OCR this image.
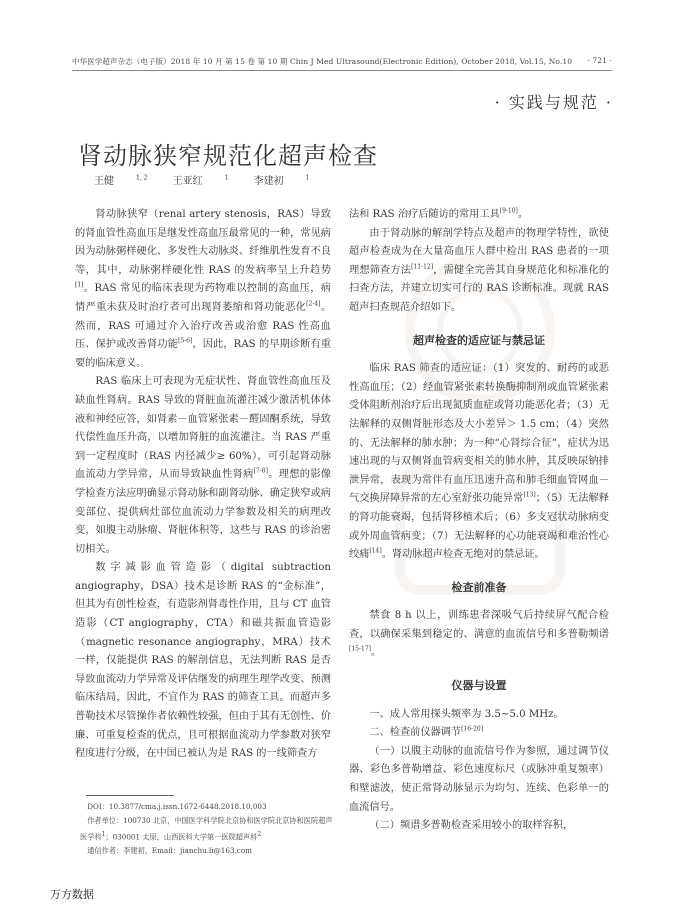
中华医学超声杂志（电子版）2018 年 10 月 第 15 卷 第 10 期 Chin J Med Ultrasound(Electronic Edition), October 2018, Vol.15, No.10 · 721 ·
· 实践与规范 ·
肾动脉狭窄规范化超声检查
王健	$^{1, 2}$	王亚红	$^1$	李建初	$^1$

肾动脉狭窄（renal artery stenosis，RAS）导致的肾血管性高血压是继发性高血压最常见的一种，常见病因为动脉粥样硬化、多发性大动脉炎、纤维肌性发育不良等，其中，动脉粥样硬化性 RAS 的发病率呈上升趋势[1]。RAS 常见的临床表现为药物难以控制的高血压，病情严重未获及时治疗者可出现肾萎缩和肾功能恶化[2-4]。然而，RAS 可通过介入治疗改善或治愈 RAS 性高血压、保护或改善肾功能[5-6]，因此，RAS 的早期诊断有重要的临床意义。

RAS 临床上可表现为无症状性、肾血管性高血压及缺血性肾病。RAS 导致的肾脏血流灌注减少激活机体体液和神经应答，如肾素－血管紧张素－醛固酮系统，导致代偿性血压升高，以增加肾脏的血流灌注。当 RAS 严重到一定程度时（RAS 内径减少≥ 60%），可引起肾动脉血流动力学异常，从而导致缺血性肾病[7-8]。理想的影像学检查方法应明确显示肾动脉和副肾动脉、确定狭窄或病变部位、提供病灶部位血流动力学参数及相关的病理改变，如腹主动脉瘤、肾脏体积等，这些与 RAS 的诊治密切相关。

数字减影血管造影（digital subtraction angiography，DSA）技术是诊断 RAS 的“金标准”，但其为有创性检查，有造影剂肾毒性作用，且与 CT 血管造影（CT angiography，CTA）和磁共振血管造影（magnetic resonance angiography，MRA）技术一样，仅能提供 RAS 的解剖信息，无法判断 RAS 是否导致血流动力学异常及评估继发的病理生理学改变、预测临床结局，因此，不宜作为 RAS 的筛查工具。而超声多普勒技术尽管操作者依赖性较强，但由于其有无创性、价廉、可重复检查的优点，且可根据血流动力学参数对狭窄程度进行分级，在中国已被认为是 RAS 的一线筛查方

法和 RAS 治疗后随访的常用工具[9-10]。

由于肾动脉的解剖学特点及超声的物理学特性，欲使超声检查成为在大量高血压人群中检出 RAS 患者的一项理想筛查方法[11-12]，需健全完善其自身规范化和标准化的扫查方法，并建立切实可行的 RAS 诊断标准。现就 RAS 超声扫查规范介绍如下。

超声检查的适应证与禁忌证

临床 RAS 筛查的适应证：（1）突发的、耐药的或恶性高血压；（2）经血管紧张素转换酶抑制剂或血管紧张素受体阻断剂治疗后出现氮质血症或肾功能恶化者；（3）无法解释的双侧肾脏形态及大小差异＞ 1.5 cm；（4）突然的、无法解释的肺水肿；为一种“心肾综合征”，症状为迅速出现的与双侧肾血管病变相关的肺水肿，其反映尿钠排泄异常，表现为常伴有血压迅速升高和肺毛细血管网血－气交换屏障异常的左心室舒张功能异常[13]；（5）无法解释的肾功能衰竭，包括肾移植术后；（6）多支冠状动脉病变或外周血管病变；（7）无法解释的心功能衰竭和难治性心绞痛[14]。肾动脉超声检查无绝对的禁忌证。

检查前准备

禁食 8 h 以上，训练患者深吸气后持续屏气配合检查，以确保采集到稳定的、满意的血流信号和多普勒频谱[15-17]。

仪器与设置

一、成人常用探头频率为 3.5~5.0 MHz。

二、检查前仪器调节[16-20]

（一）以腹主动脉的血流信号作为参照，通过调节仪器、彩色多普勒增益、彩色速度标尺（或脉冲重复频率）和壁滤波，使正常肾动脉显示为均匀、连续、色彩单一的血流信号。

（二）频谱多普勒检查采用较小的取样容积，

DOI：10.3877/cma.j.issn.1672-6448.2018.10.003
作者单位：100730 北京，中国医学科学院北京协和医学院北京协和医院超声医学科$^1$；030001 太原，山西医科大学第一医院超声科$^2$
通信作者：李建初，Email：jianchu.li@163.com
万方数据
